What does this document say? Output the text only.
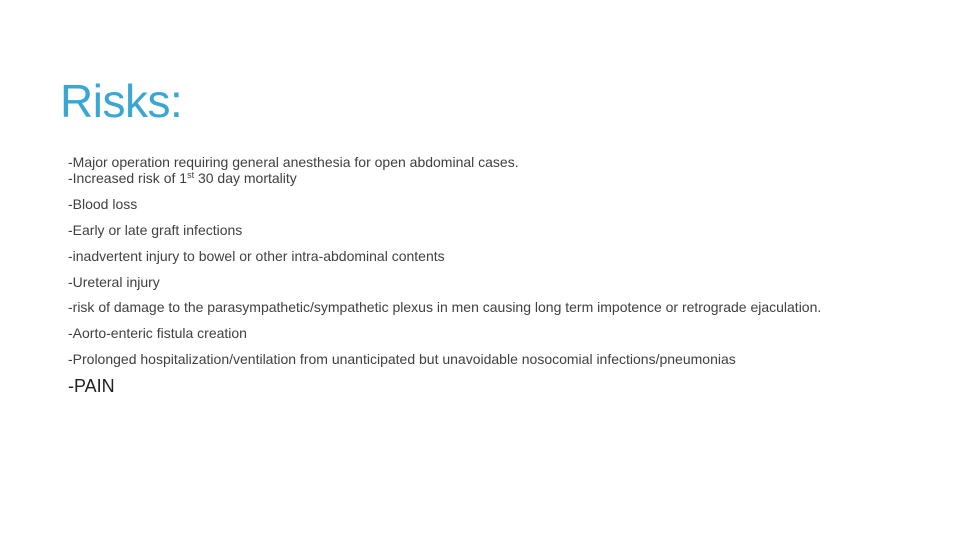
Risks:
-Major operation requiring general anesthesia for open abdominal cases.
-Increased risk of 1st 30 day mortality
-Blood loss
-Early or late graft infections
-inadvertent injury to bowel or other intra-abdominal contents
-Ureteral injury
-risk of damage to the parasympathetic/sympathetic plexus in men causing long term impotence or retrograde ejaculation.
-Aorto-enteric fistula creation
-Prolonged hospitalization/ventilation from unanticipated but unavoidable nosocomial infections/pneumonias
-PAIN
